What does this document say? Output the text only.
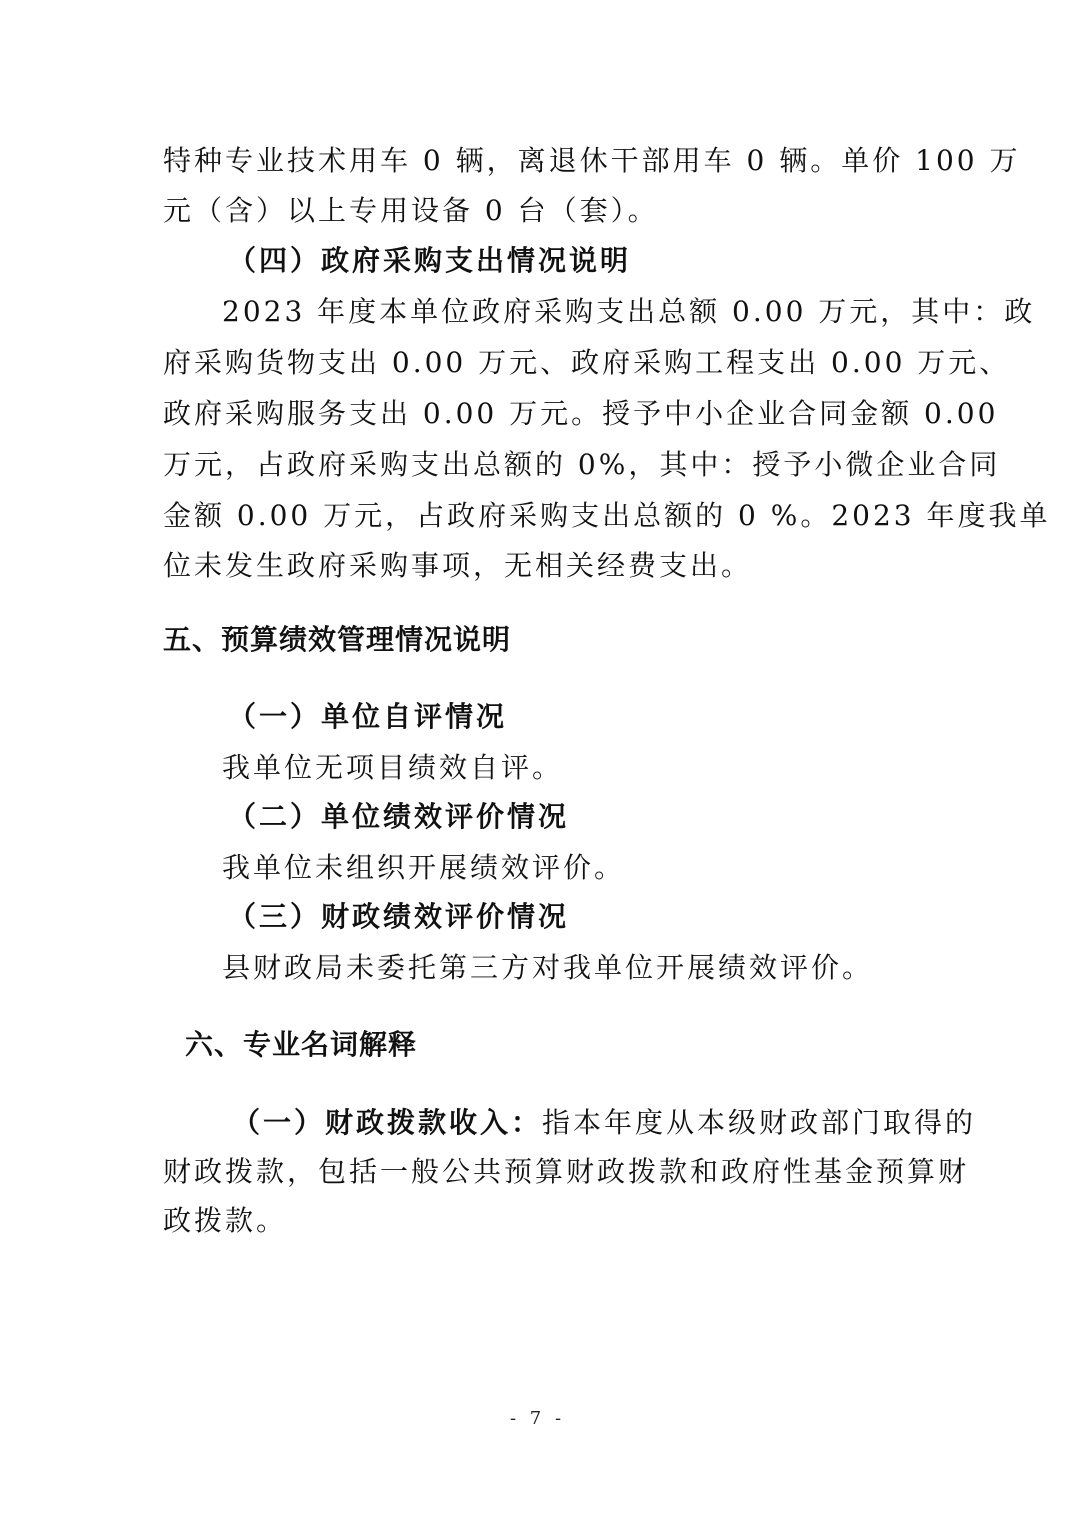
特种专业技术用车 0 辆，离退休干部用车 0 辆。单价 100 万
元（含）以上专用设备 0 台（套）。
（四）政府采购支出情况说明
2023 年度本单位政府采购支出总额 0.00 万元，其中：政
府采购货物支出 0.00 万元、政府采购工程支出 0.00 万元、
政府采购服务支出 0.00 万元。授予中小企业合同金额 0.00
万元，占政府采购支出总额的 0%，其中：授予小微企业合同
金额 0.00 万元，占政府采购支出总额的 0 %。2023 年度我单
位未发生政府采购事项，无相关经费支出。
五、预算绩效管理情况说明
（一）单位自评情况
我单位无项目绩效自评。
（二）单位绩效评价情况
我单位未组织开展绩效评价。
（三）财政绩效评价情况
县财政局未委托第三方对我单位开展绩效评价。
六、专业名词解释
（一）财政拨款收入：指本年度从本级财政部门取得的
财政拨款，包括一般公共预算财政拨款和政府性基金预算财
政拨款。
- 7 -
